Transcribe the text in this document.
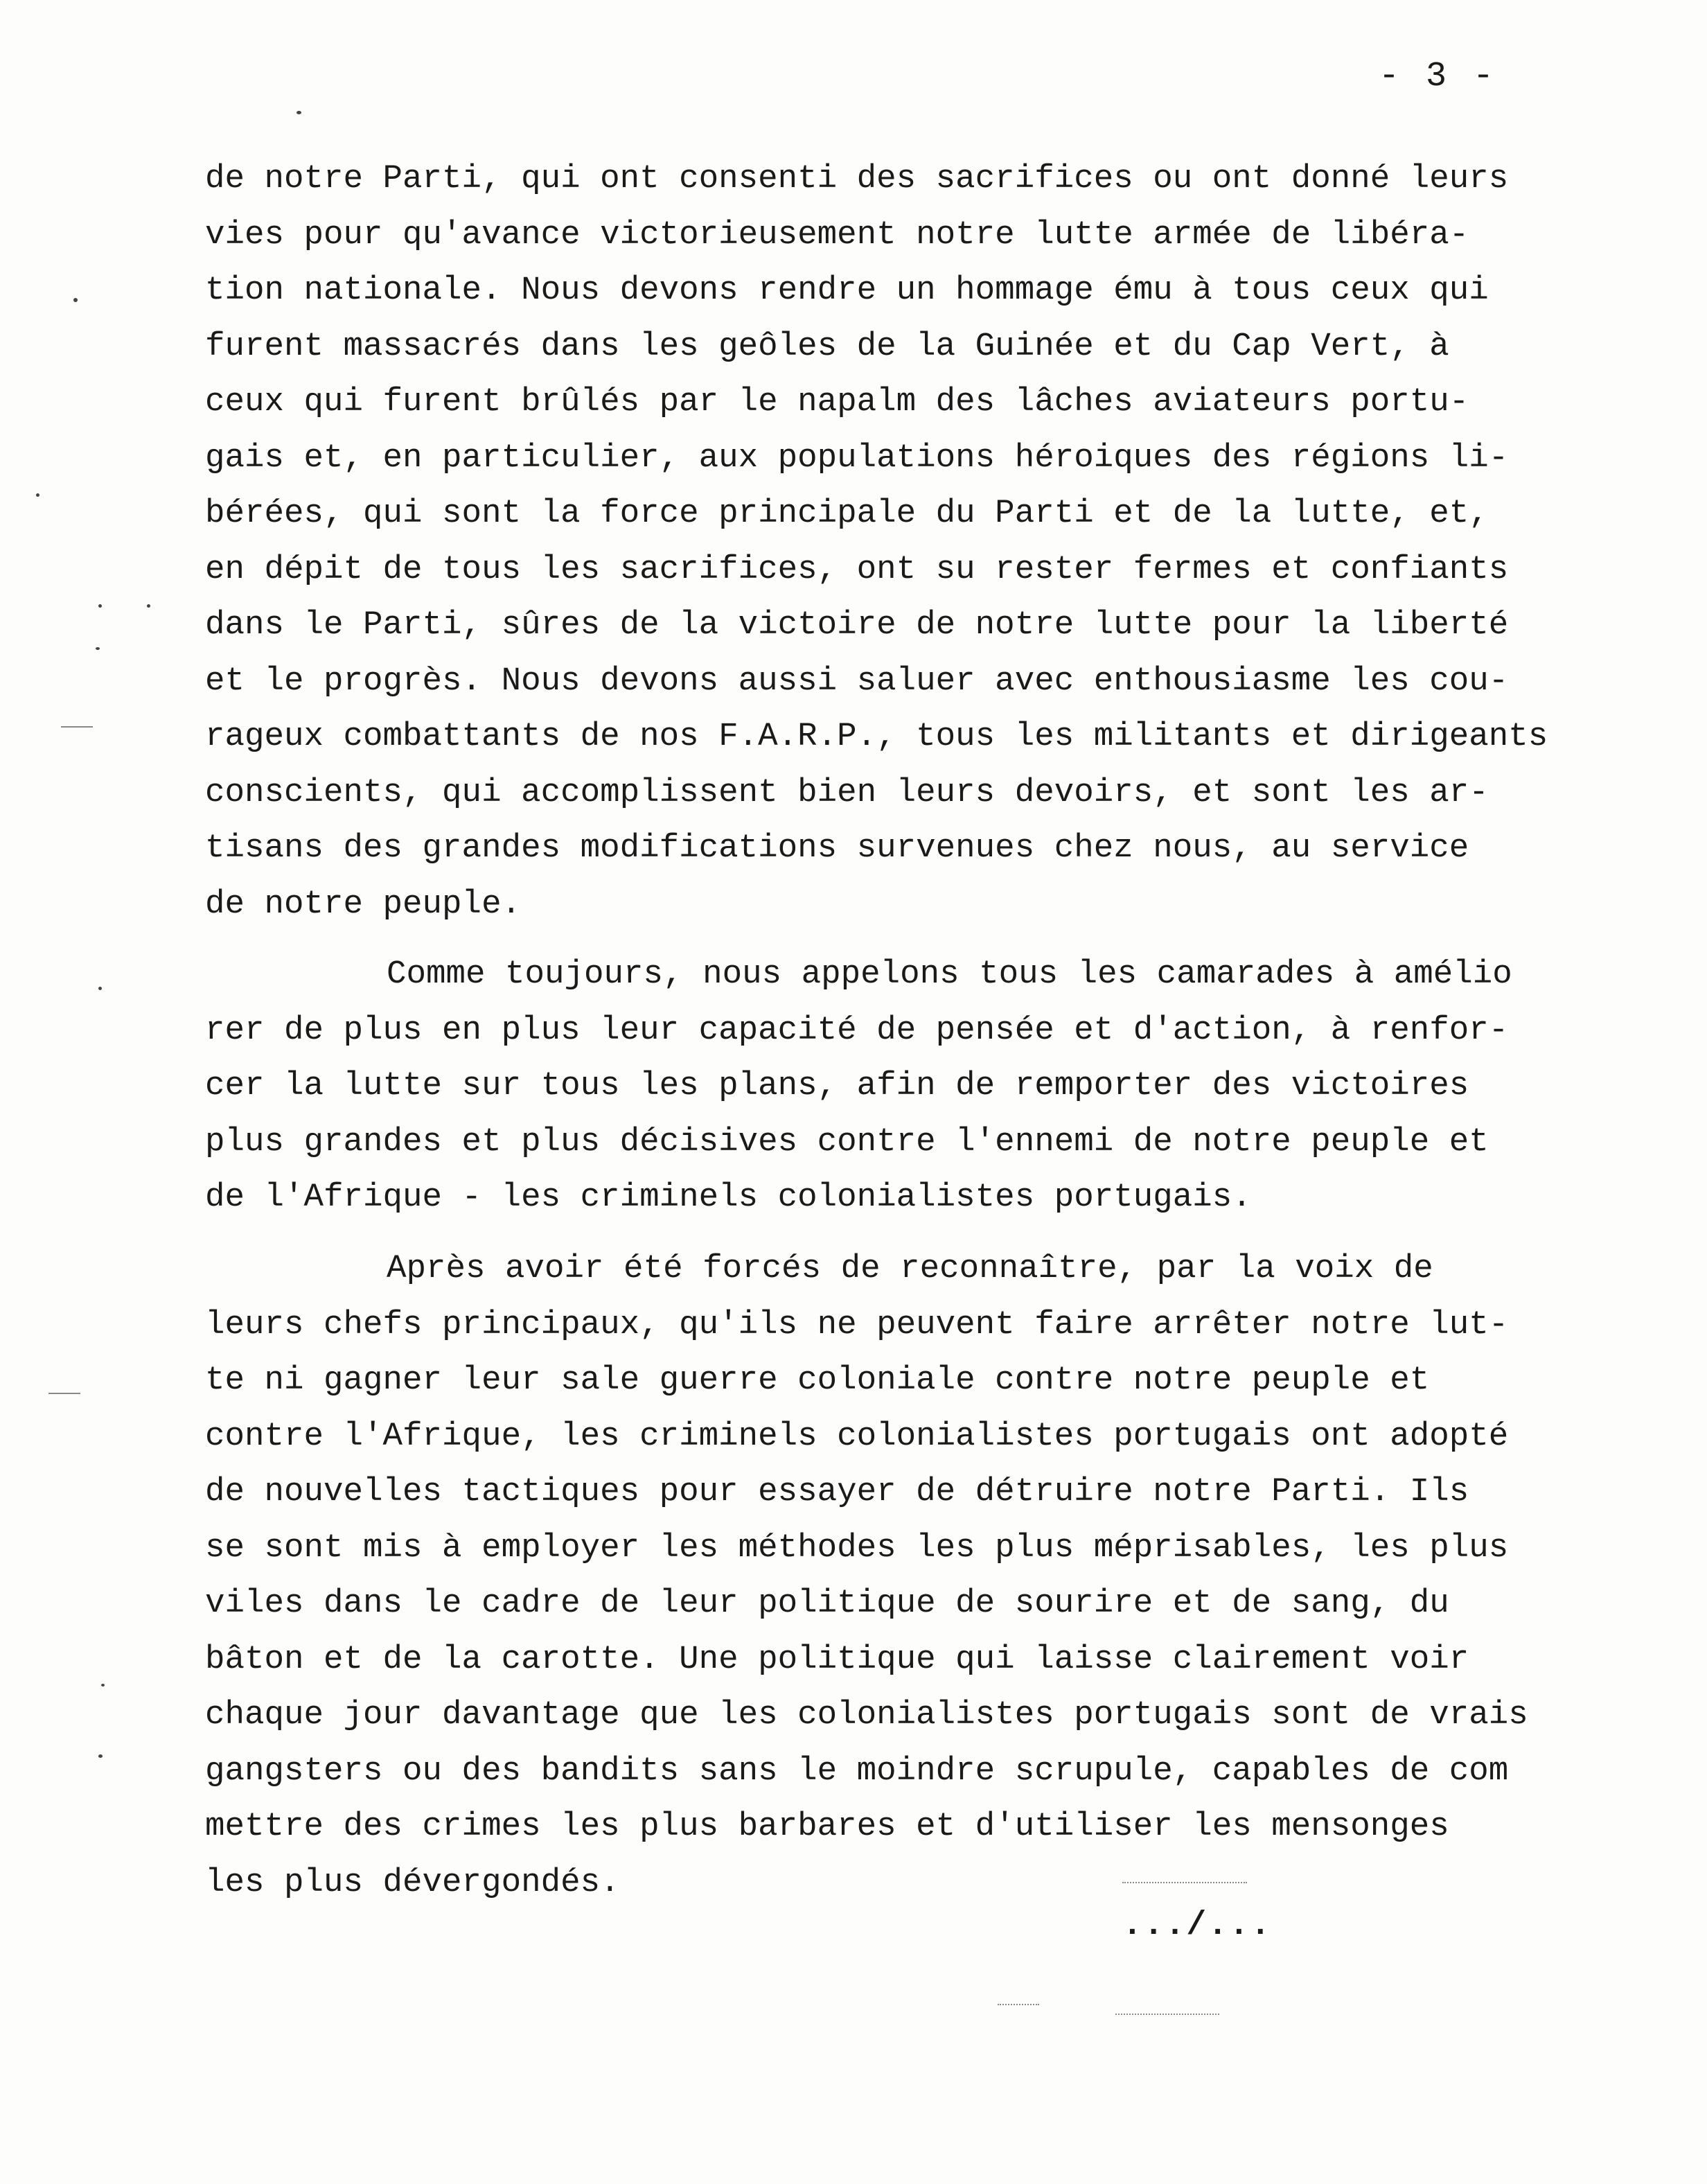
- 3 -
de notre Parti, qui ont consenti des sacrifices ou ont donné leurs
vies pour qu'avance victorieusement notre lutte armée de libéra-
tion nationale. Nous devons rendre un hommage ému à tous ceux qui
furent massacrés dans les geôles de la Guinée et du Cap Vert, à
ceux qui furent brûlés par le napalm des lâches aviateurs portu-
gais et, en particulier, aux populations héroiques des régions li-
bérées, qui sont la force principale du Parti et de la lutte, et,
en dépit de tous les sacrifices, ont su rester fermes et confiants
dans le Parti, sûres de la victoire de notre lutte pour la liberté
et le progrès. Nous devons aussi saluer avec enthousiasme les cou-
rageux combattants de nos F.A.R.P., tous les militants et dirigeants
conscients, qui accomplissent bien leurs devoirs, et sont les ar-
tisans des grandes modifications survenues chez nous, au service
de notre peuple.
Comme toujours, nous appelons tous les camarades à amélio
rer de plus en plus leur capacité de pensée et d'action, à renfor-
cer la lutte sur tous les plans, afin de remporter des victoires
plus grandes et plus décisives contre l'ennemi de notre peuple et
de l'Afrique - les criminels colonialistes portugais.
Après avoir été forcés de reconnaître, par la voix de
leurs chefs principaux, qu'ils ne peuvent faire arrêter notre lut-
te ni gagner leur sale guerre coloniale contre notre peuple et
contre l'Afrique, les criminels colonialistes portugais ont adopté
de nouvelles tactiques pour essayer de détruire notre Parti. Ils
se sont mis à employer les méthodes les plus méprisables, les plus
viles dans le cadre de leur politique de sourire et de sang, du
bâton et de la carotte. Une politique qui laisse clairement voir
chaque jour davantage que les colonialistes portugais sont de vrais
gangsters ou des bandits sans le moindre scrupule, capables de com
mettre des crimes les plus barbares et d'utiliser les mensonges
les plus dévergondés.
.../...
